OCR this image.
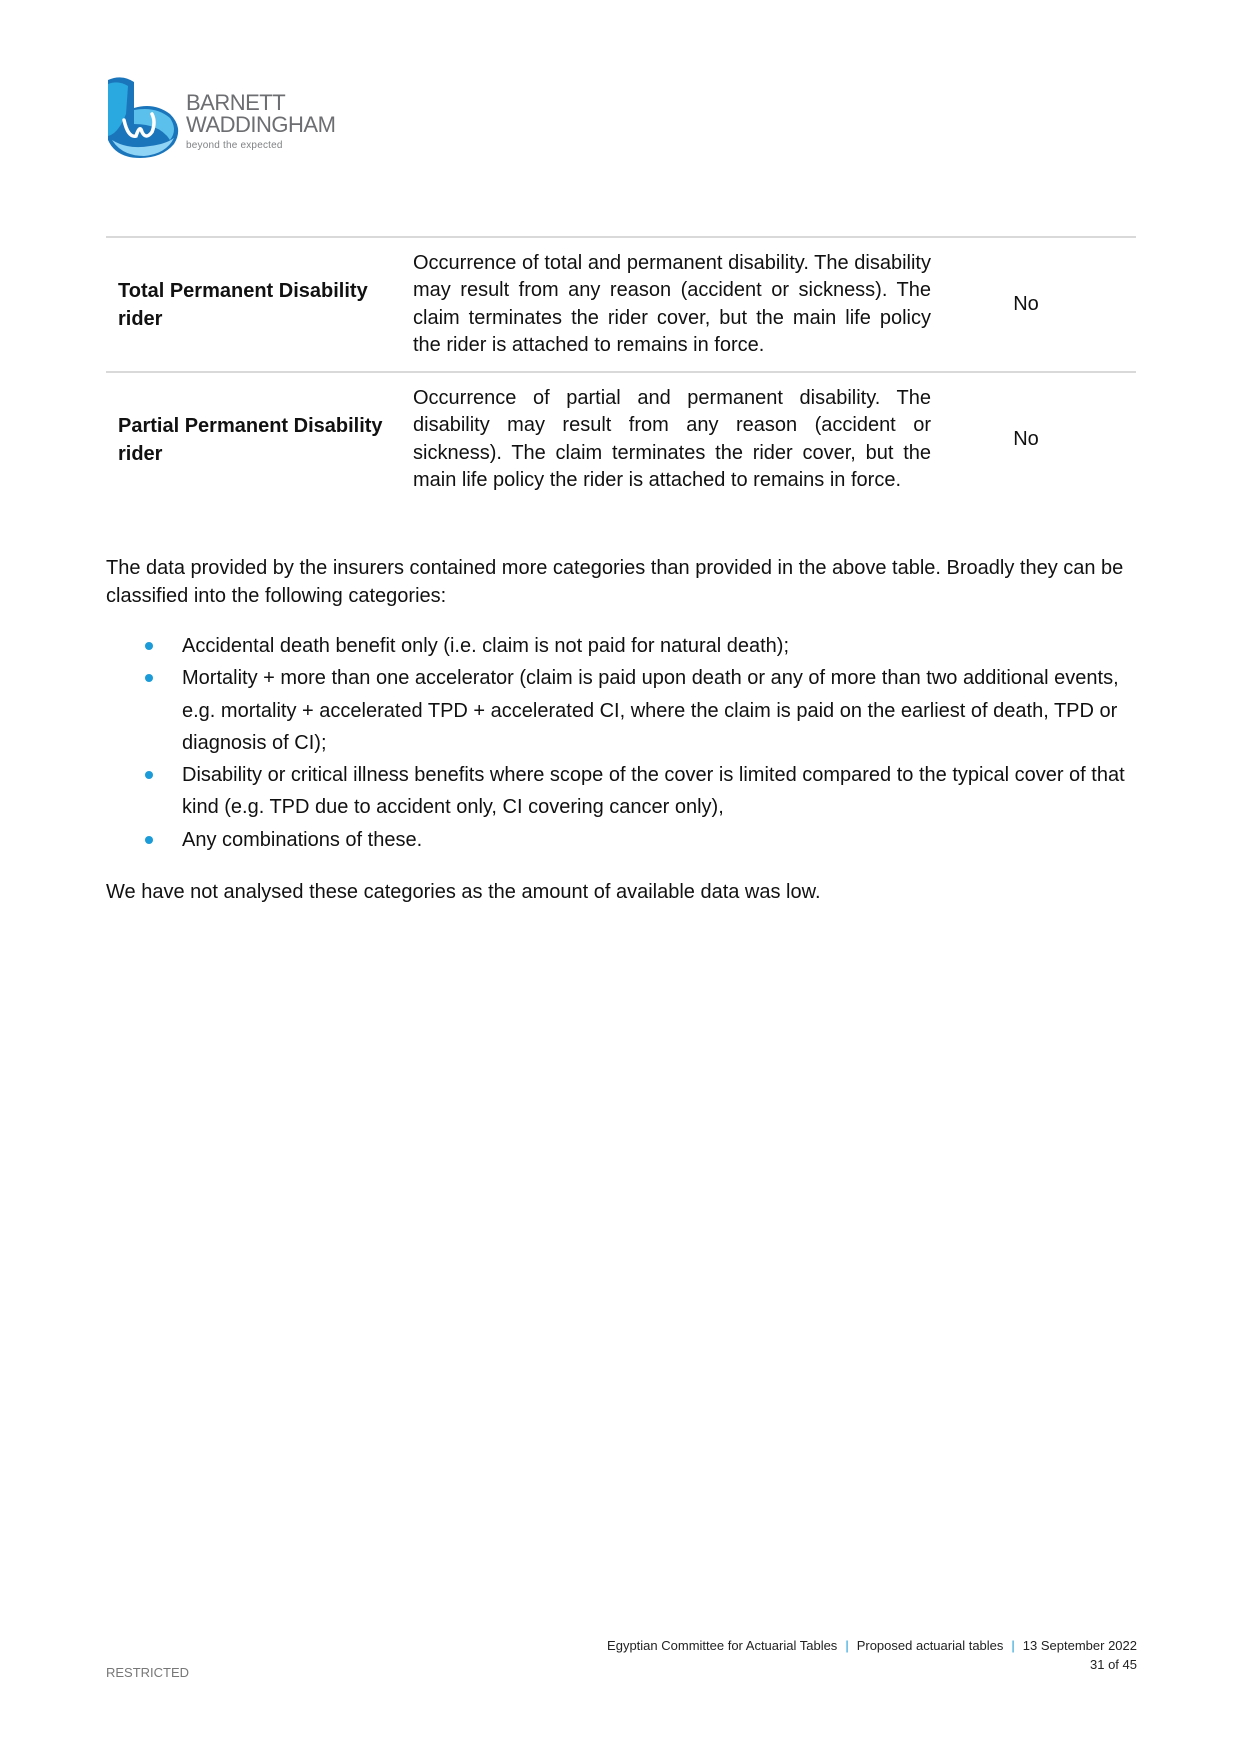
BARNETT
WADDINGHAM
beyond the expected
Total Permanent Disability rider
Occurrence of total and permanent disability. The disability may result from any reason (accident or sickness). The claim terminates the rider cover, but the main life policy the rider is attached to remains in force.
No
Partial Permanent Disability rider
Occurrence of partial and permanent disability. The disability may result from any reason (accident or sickness). The claim terminates the rider cover, but the main life policy the rider is attached to remains in force.
No

The data provided by the insurers contained more categories than provided in the above table. Broadly they can be classified into the following categories:

Accidental death benefit only (i.e. claim is not paid for natural death);
Mortality + more than one accelerator (claim is paid upon death or any of more than two additional events, e.g. mortality + accelerated TPD + accelerated CI, where the claim is paid on the earliest of death, TPD or diagnosis of CI);
Disability or critical illness benefits where scope of the cover is limited compared to the typical cover of that kind (e.g. TPD due to accident only, CI covering cancer only),
Any combinations of these.

We have not analysed these categories as the amount of available data was low.

Egyptian Committee for Actuarial Tables | Proposed actuarial tables | 13 September 2022
31 of 45
RESTRICTED
